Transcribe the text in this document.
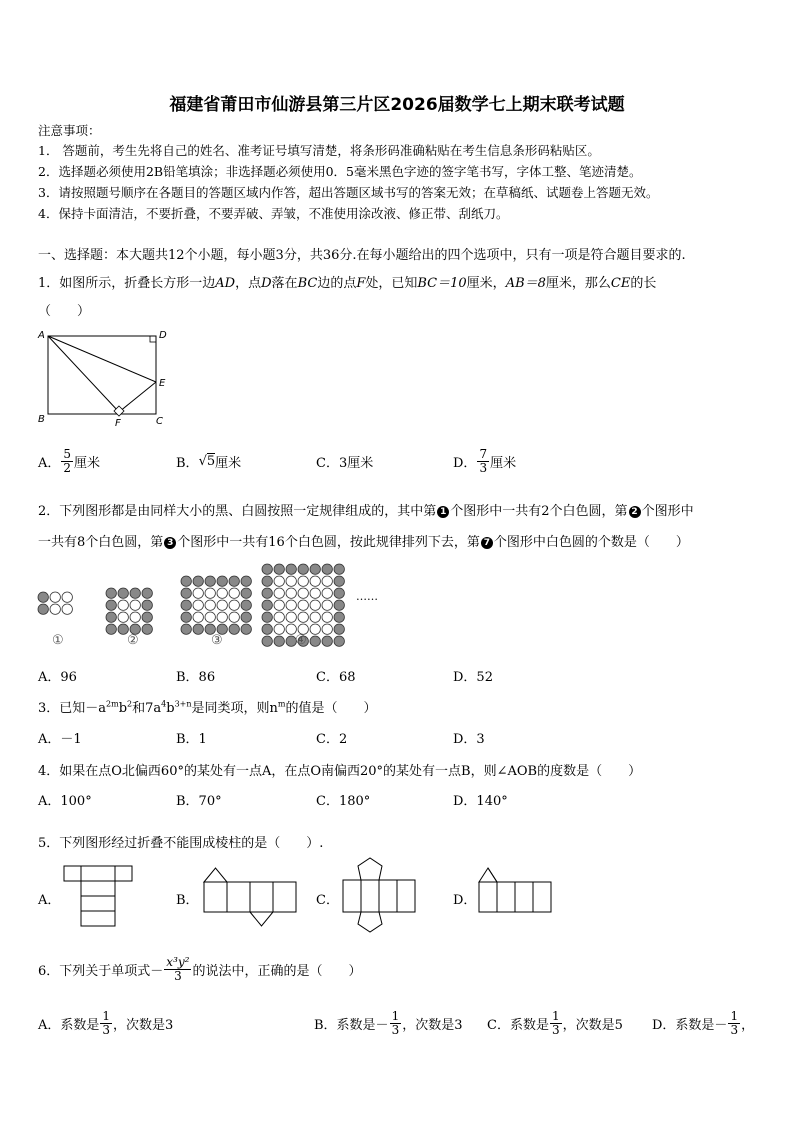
福建省莆田市仙游县第三片区2026届数学七上期末联考试题
注意事项：
1． 答题前，考生先将自己的姓名、准考证号填写清楚，将条形码准确粘贴在考生信息条形码粘贴区。
2．选择题必须使用2B铅笔填涂；非选择题必须使用0．5毫米黑色字迹的签字笔书写，字体工整、笔迹清楚。
3．请按照题号顺序在各题目的答题区域内作答，超出答题区域书写的答案无效；在草稿纸、试题卷上答题无效。
4．保持卡面清洁，不要折叠，不要弄破、弄皱，不准使用涂改液、修正带、刮纸刀。
一、选择题：本大题共12个小题，每小题3分，共36分.在每小题给出的四个选项中，只有一项是符合题目要求的.
1．如图所示，折叠长方形一边AD，点D落在BC边的点F处，已知BC＝10厘米，AB＝8厘米，那么CE的长
（　　）
A	D
E
B	C
F
A． $\frac{5}{2}$ 厘米	B． √ 5 厘米	C．3厘米	D． $\frac{7}{3}$ 厘米
2．下列图形都是由同样大小的黑、白圆按照一定规律组成的，其中第 1 个图形中一共有2个白色圆，第 2 个图形中
一共有8个白色圆，第 3 个图形中一共有16个白色圆，按此规律排列下去，第 7 个图形中白色圆的个数是（　　）
①	②	③	④
……
A．96	B．86	C．68	D．52
3．已知$-a^{2m}b^2$和$7a^4b^{3+n}$是同类项，则$n^m$的值是（　　）
A．－1	B．1	C．2	D．3
4．如果在点O北偏西60°的某处有一点A，在点O南偏西20°的某处有一点B，则∠AOB的度数是（　　）
A．100°	B．70°	C．180°	D．140°
5．下列图形经过折叠不能围成棱柱的是（　　）.
A．	B．	C．	D．
6．下列关于单项式 － $\frac{\text{x³y²}}{3}$ 的说法中，正确的是（　　）
A．系数是 $\frac{1}{3}$ ，次数是3	B．系数是－ $\frac{1}{3}$ ，次数是3 C．系数是 $\frac{1}{3}$ ，次数是5 D．系数是－ $\frac{1}{3}$ ，
